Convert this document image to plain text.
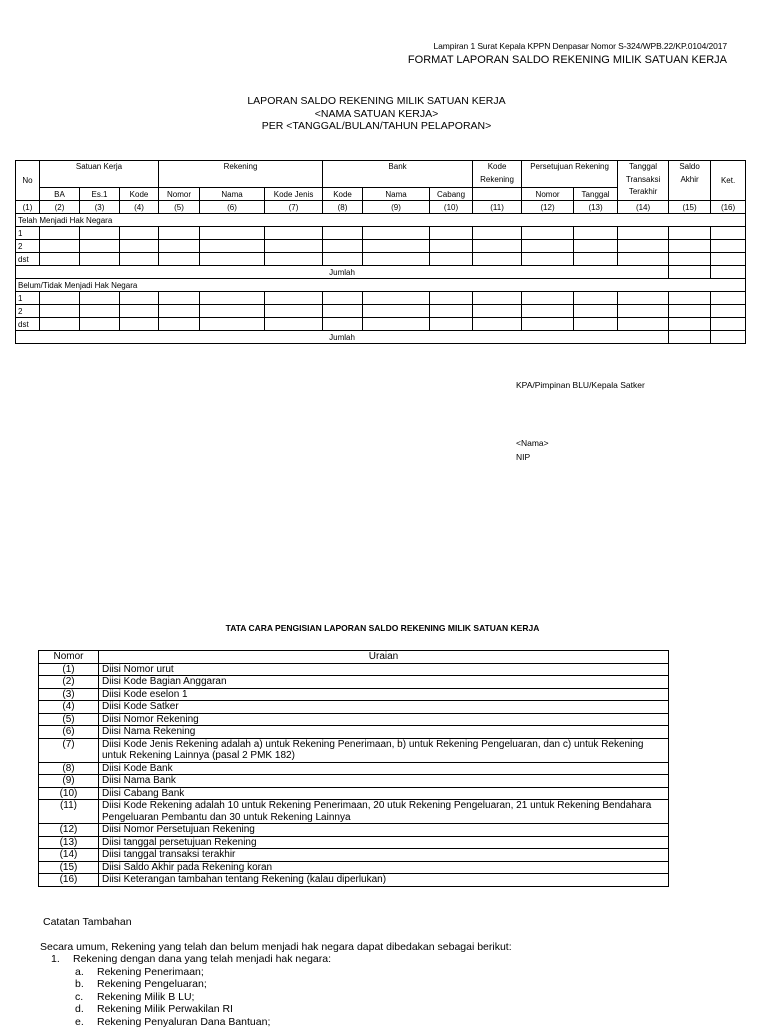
Lampiran 1 Surat Kepala KPPN Denpasar Nomor S-324/WPB.22/KP.0104/2017
FORMAT LAPORAN SALDO REKENING MILIK SATUAN KERJA
LAPORAN SALDO REKENING MILIK SATUAN KERJA
<NAMA SATUAN KERJA>
PER <TANGGAL/BULAN/TAHUN PELAPORAN>
No	Satuan Kerja			Rekening			Bank			Kode Rekening	Persetujuan Rekening		Tanggal Transaksi Terakhir	Saldo Akhir	Ket.
	BA	Es.1	Kode	Nomor	Nama	Kode Jenis	Kode	Nama	Cabang		Nomor	Tanggal			
(1)	(2)	(3)	(4)	(5)	(6)	(7)	(8)	(9)	(10)	(11)	(12)	(13)	(14)	(15)	(16)
Telah Menjadi Hak Negara															
1															
2															
dst															
Jumlah															
Belum/Tidak Menjadi Hak Negara															
1															
2															
dst															
Jumlah															
KPA/Pimpinan BLU/Kepala Satker
<Nama>
NIP
TATA CARA PENGISIAN LAPORAN SALDO REKENING MILIK SATUAN KERJA
Nomor	Uraian
(1)	Diisi Nomor urut
(2)	Diisi Kode Bagian Anggaran
(3)	Diisi Kode eselon 1
(4)	Diisi Kode Satker
(5)	Diisi Nomor Rekening
(6)	Diisi Nama Rekening
(7)	Diisi Kode Jenis Rekening adalah a) untuk Rekening Penerimaan, b) untuk Rekening Pengeluaran, dan c) untuk Rekening untuk Rekening Lainnya (pasal 2 PMK 182)
(8)	Diisi Kode Bank
(9)	Diisi Nama Bank
(10)	Diisi Cabang Bank
(11)	Diisi Kode Rekening adalah 10 untuk Rekening Penerimaan, 20 utuk Rekening Pengeluaran, 21 untuk Rekening Bendahara Pengeluaran Pembantu dan 30 untuk Rekening Lainnya
(12)	Diisi Nomor Persetujuan Rekening
(13)	Diisi tanggal persetujuan Rekening
(14)	Diisi tanggal transaksi terakhir
(15)	Diisi Saldo Akhir pada Rekening koran
(16)	Diisi Keterangan tambahan tentang Rekening (kalau diperlukan)
Catatan Tambahan
Secara umum, Rekening yang telah dan belum menjadi hak negara dapat dibedakan sebagai berikut:
1. Rekening dengan dana yang telah menjadi hak negara:
a. Rekening Penerimaan;
b. Rekening Pengeluaran;
c. Rekening Milik B LU;
d. Rekening Milik Perwakilan RI
e. Rekening Penyaluran Dana Bantuan;
